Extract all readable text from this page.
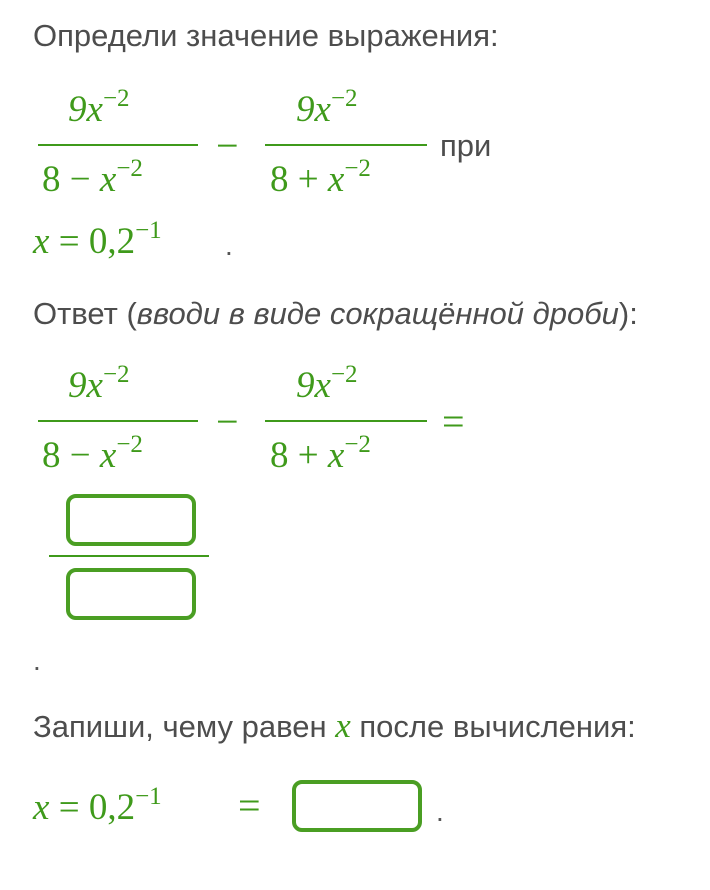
Определи значение выражения:
$9x^{-2}$
$8 - x^{-2}$
−
$9x^{-2}$
$8 + x^{-2}$
при
$x = 0,2^{-1}$ .
Ответ (вводи в виде сокращённой дроби):
$9x^{-2}$
$8 - x^{-2}$
−
$9x^{-2}$
$8 + x^{-2}$
=
.
Запиши, чему равен x после вычисления:
$x = 0,2^{-1}$ =	.
